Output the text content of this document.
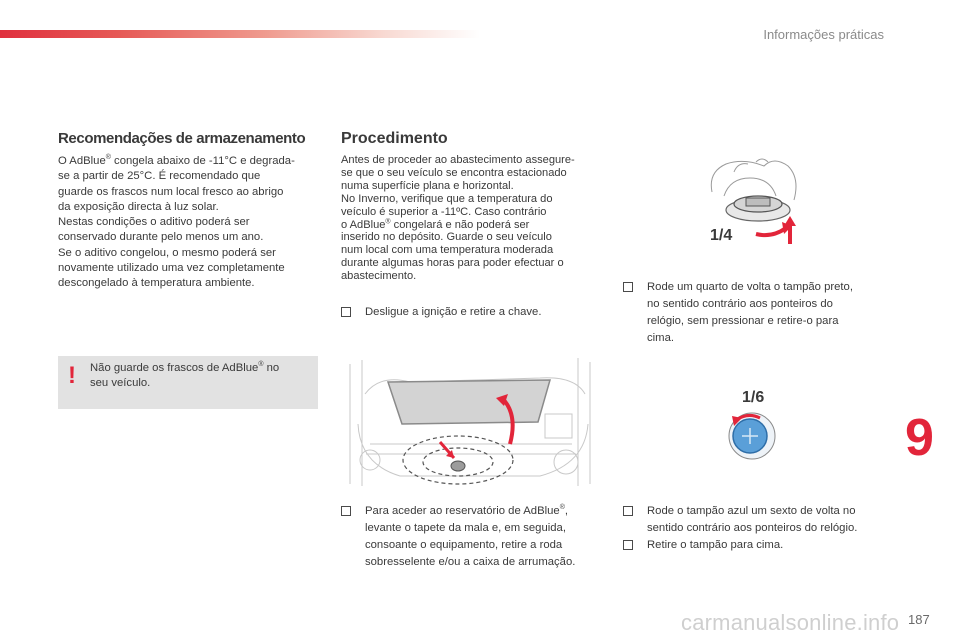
Informações práticas
Recomendações de armazenamento

O AdBlue® congela abaixo de -11°C e degrada-

se a partir de 25°C. É recomendado que

guarde os frascos num local fresco ao abrigo

da exposição directa à luz solar.

Nestas condições o aditivo poderá ser

conservado durante pelo menos um ano.

Se o aditivo congelou, o mesmo poderá ser

novamente utilizado uma vez completamente

descongelado à temperatura ambiente.

! Não guarde os frascos de AdBlue® no
seu veículo.
Procedimento

Antes de proceder ao abastecimento assegure-

se que o seu veículo se encontra estacionado

numa superfície plana e horizontal.

No Inverno, verifique que a temperatura do

veículo é superior a -11ºC. Caso contrário

o AdBlue® congelará e não poderá ser

inserido no depósito. Guarde o seu veículo

num local com uma temperatura moderada

durante algumas horas para poder efectuar o

abastecimento.

Desligue a ignição e retire a chave.
Para aceder ao reservatório de AdBlue®,
levante o tapete da mala e, em seguida,
consoante o equipamento, retire a roda
sobresselente e/ou a caixa de arrumação.
1/4
Rode um quarto de volta o tampão preto,
no sentido contrário aos ponteiros do
relógio, sem pressionar e retire-o para
cima.
1/6
Rode o tampão azul um sexto de volta no
sentido contrário aos ponteiros do relógio.
Retire o tampão para cima.
9
carmanualsonline.info 187
